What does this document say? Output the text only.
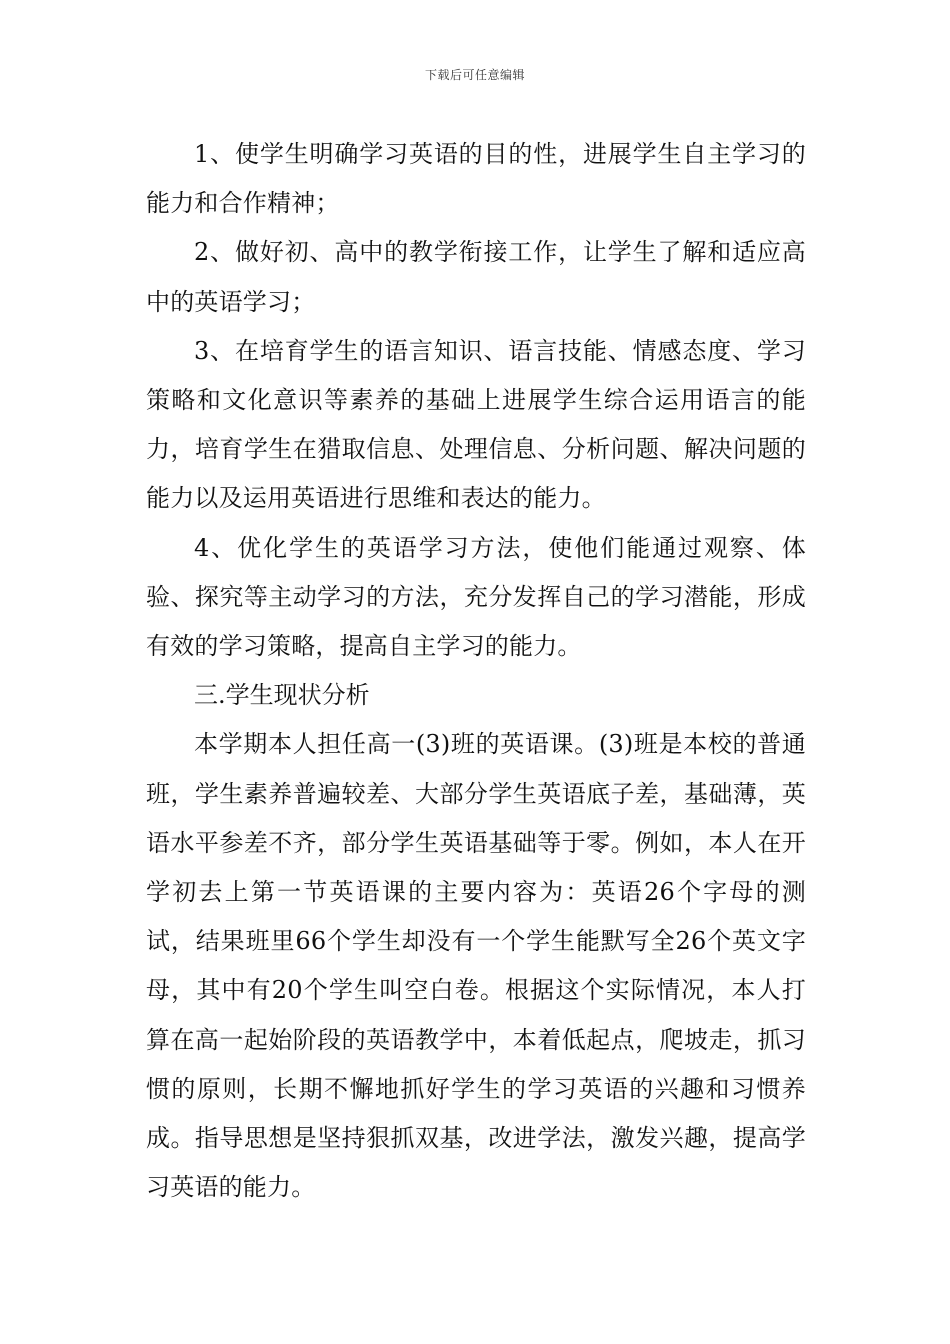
下载后可任意编辑

1、使学生明确学习英语的目的性，进展学生自主学习的能力和合作精神；

2、做好初、高中的教学衔接工作，让学生了解和适应高中的英语学习；

3、在培育学生的语言知识、语言技能、情感态度、学习策略和文化意识等素养的基础上进展学生综合运用语言的能力，培育学生在猎取信息、处理信息、分析问题、解决问题的能力以及运用英语进行思维和表达的能力。

4、优化学生的英语学习方法，使他们能通过观察、体验、探究等主动学习的方法，充分发挥自己的学习潜能，形成有效的学习策略，提高自主学习的能力。

三.学生现状分析

本学期本人担任高一(3)班的英语课。(3)班是本校的普通班，学生素养普遍较差、大部分学生英语底子差，基础薄，英语水平参差不齐，部分学生英语基础等于零。例如，本人在开学初去上第一节英语课的主要内容为：英语26个字母的测试，结果班里66个学生却没有一个学生能默写全26个英文字母，其中有20个学生叫空白卷。根据这个实际情况，本人打算在高一起始阶段的英语教学中，本着低起点，爬坡走，抓习惯的原则，长期不懈地抓好学生的学习英语的兴趣和习惯养成。指导思想是坚持狠抓双基，改进学法，激发兴趣，提高学习英语的能力。
